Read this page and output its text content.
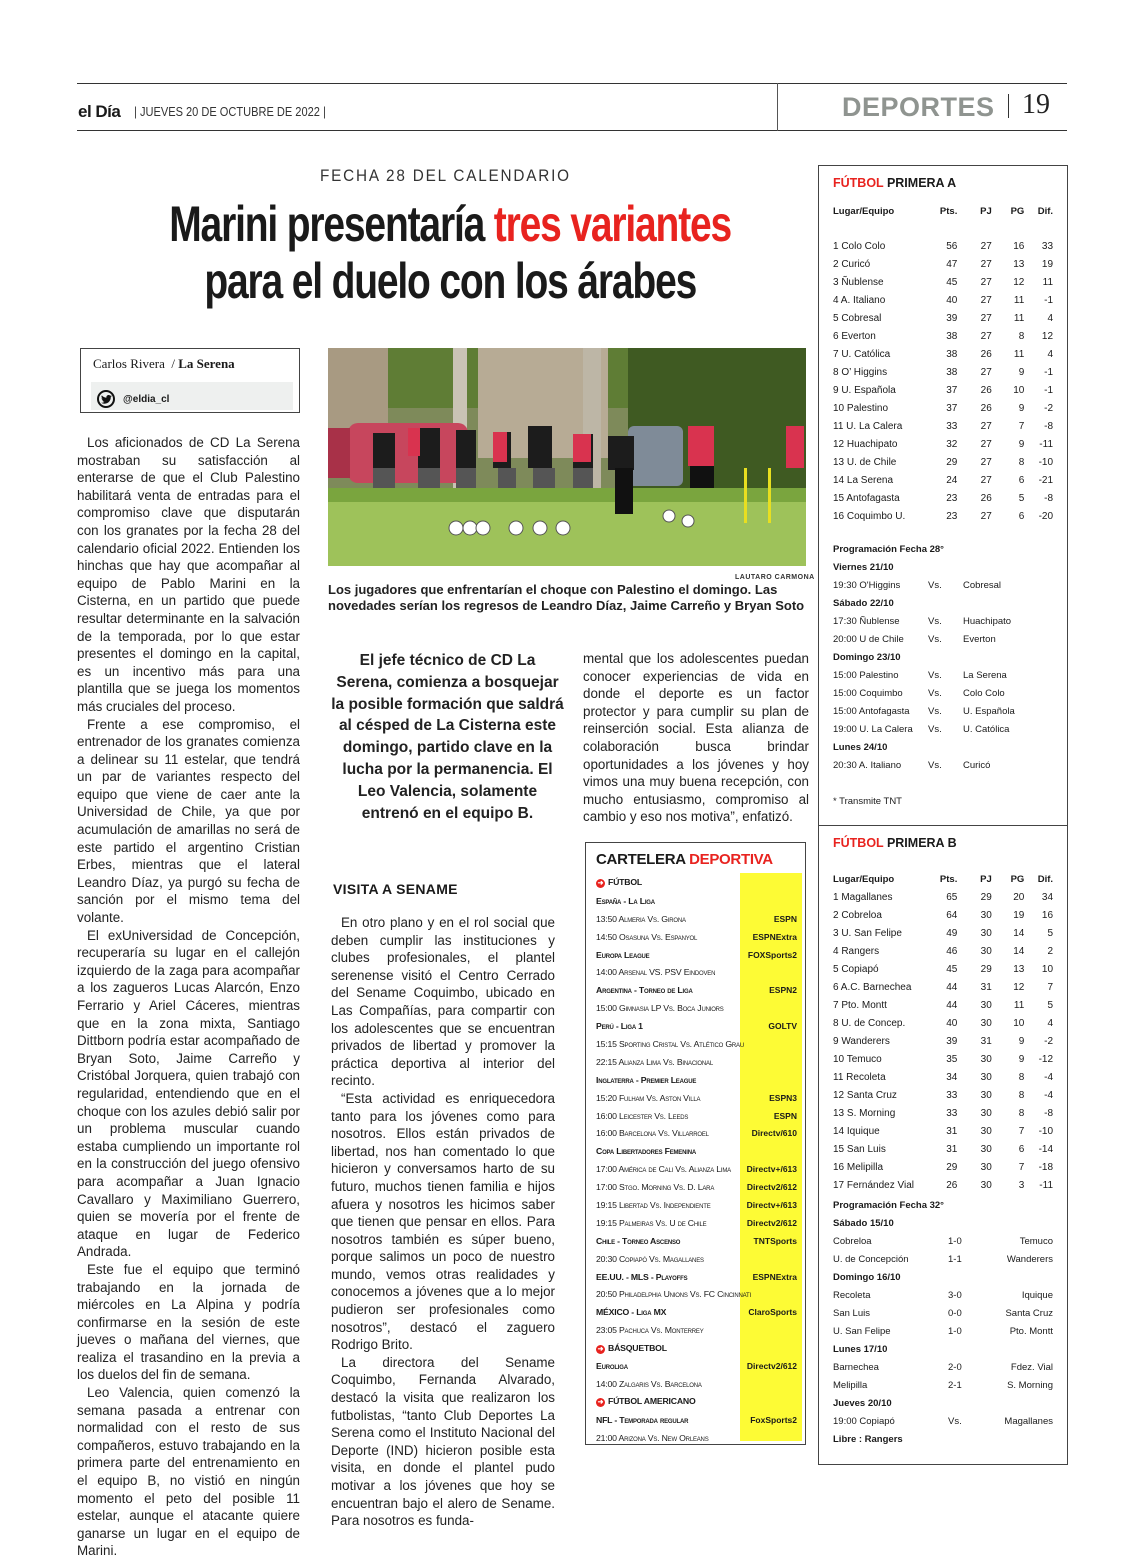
el Día | JUEVES 20 DE OCTUBRE DE 2022 |	DEPORTES 19
FECHA 28 DEL CALENDARIO
Marini presentaría tres variantes
para el duelo con los árabes
Carlos Rivera / La Serena
@eldia_cl

Los aficionados de CD La Serena mostraban su satisfacción al enterarse de que el Club Palestino habilitará venta de entradas para el compromiso clave que disputarán con los granates por la fecha 28 del calendario oficial 2022. Entienden los hinchas que hay que acompañar al equipo de Pablo Marini en la Cisterna, en un partido que puede resultar determinante en la salvación de la temporada, por lo que estar presentes el domingo en la capital, es un incentivo más para una plantilla que se juega los momentos más cruciales del proceso.

Frente a ese compromiso, el entrenador de los granates comienza a delinear su 11 estelar, que tendrá un par de variantes respecto del equipo que viene de caer ante la Universidad de Chile, ya que por acumulación de amarillas no será de este partido el argentino Cristian Erbes, mientras que el lateral Leandro Díaz, ya purgó su fecha de sanción por el mismo tema del volante.

El exUniversidad de Concepción, recuperaría su lugar en el callejón izquierdo de la zaga para acompañar a los zagueros Lucas Alarcón, Enzo Ferrario y Ariel Cáceres, mientras que en la zona mixta, Santiago Dittborn podría estar acompañado de Bryan Soto, Jaime Carreño y Cristóbal Jorquera, quien trabajó con regularidad, entendiendo que en el choque con los azules debió salir por un problema muscular cuando estaba cumpliendo un importante rol en la construcción del juego ofensivo para acompañar a Juan Ignacio Cavallaro y Maximiliano Guerrero, quien se movería por el frente de ataque en lugar de Federico Andrada.

Este fue el equipo que terminó trabajando en la jornada de miércoles en La Alpina y podría confirmarse en la sesión de este jueves o mañana del viernes, que realiza el trasandino en la previa a los duelos del fin de semana.

Leo Valencia, quien comenzó la semana pasada a entrenar con normalidad con el resto de sus compañeros, estuvo trabajando en la primera parte del entrenamiento en el equipo B, no vistió en ningún momento el peto del posible 11 estelar, aunque el atacante quiere ganarse un lugar en el equipo de Marini.

LAUTARO CARMONA
Los jugadores que enfrentarían el choque con Palestino el domingo. Las novedades serían los regresos de Leandro Díaz, Jaime Carreño y Bryan Soto
El jefe técnico de CD La Serena, comienza a bosquejar la posible formación que saldrá al césped de La Cisterna este domingo, partido clave en la lucha por la permanencia. El Leo Valencia, solamente entrenó en el equipo B.
VISITA A SENAME

En otro plano y en el rol social que deben cumplir las instituciones y clubes profesionales, el plantel serenense visitó el Centro Cerrado del Sename Coquimbo, ubicado en Las Compañías, para compartir con los adolescentes que se encuentran privados de libertad y promover la práctica deportiva al interior del recinto.

“Esta actividad es enriquecedora tanto para los jóvenes como para nosotros. Ellos están privados de libertad, nos han comentado lo que hicieron y conversamos harto de su futuro, muchos tienen familia e hijos afuera y nosotros les hicimos saber que tienen que pensar en ellos. Para nosotros también es súper bueno, porque salimos un poco de nuestro mundo, vemos otras realidades y conocemos a jóvenes que a lo mejor pudieron ser profesionales como nosotros”, destacó el zaguero Rodrigo Brito.

La directora del Sename Coquimbo, Fernanda Alvarado, destacó la visita que realizaron los futbolistas, “tanto Club Deportes La Serena como el Instituto Nacional del Deporte (IND) hicieron posible esta visita, en donde el plantel pudo motivar a los jóvenes que hoy se encuentran bajo el alero de Sename. Para nosotros es funda-

mental que los adolescentes puedan conocer experiencias de vida en donde el deporte es un factor protector y para cumplir su plan de reinserción social. Esta alianza de colaboración busca brindar oportunidades a los jóvenes y hoy vimos una muy buena recepción, con mucho entusiasmo, compromiso al cambio y eso nos motiva”, enfatizó.

CARTELERA DEPORTIVA
➜ FÚTBOL
España - La Liga
13:50 Almeria Vs. Girona	ESPN
14:50 Osasuna Vs. Espanyol	ESPNExtra
Europa League	FOXSports2
14:00 Arsenal VS. PSV Eindoven
Argentina - Torneo de Liga	ESPN2
15:00 Gimnasia LP Vs. Boca Juniors
Perú - Liga 1	GOLTV
15:15 Sporting Cristal Vs. Atlético Grau
22:15 Alianza Lima Vs. Binacional
Inglaterra - Premier League
15:20 Fulham Vs. Aston Villa	ESPN3
16:00 Leicester Vs. Leeds	ESPN
16:00 Barcelona Vs. Villarroel	Directv/610
Copa Libertadores Femenina
17:00 América de Cali Vs. Alianza Lima	Directv+/613
17:00 Stgo. Morning Vs. D. Lara	Directv2/612
19:15 Libertad Vs. Independiente	Directv+/613
19:15 Palmeiras Vs. U de Chile	Directv2/612
Chile - Torneo Ascenso	TNTSports
20:30 Copiapó Vs. Magallanes
EE.UU. - MLS - Playoffs	ESPNExtra
20:50 Philadelphia Unions Vs. FC Cincinnati
MÉXICO - Liga MX	ClaroSports
23:05 Pachuca Vs. Monterrey
➜ BÁSQUETBOL
Euroliga	Directv2/612
14:00 Zalgaris Vs. Barcelona
➜ FÚTBOL AMERICANO
NFL - Temporada regular	FoxSports2
21:00 Arizona Vs. New Orleans
FÚTBOL PRIMERA A
Lugar/Equipo	Pts.	PJ	PG	Dif.
1 Colo Colo	56	27	16	33
2 Curicó	47	27	13	19
3 Ñublense	45	27	12	11
4 A. Italiano	40	27	11	-1
5 Cobresal	39	27	11	4
6 Everton	38	27	8	12
7 U. Católica	38	26	11	4
8 O’ Higgins	38	27	9	-1
9 U. Española	37	26	10	-1
10 Palestino	37	26	9	-2
11 U. La Calera	33	27	7	-8
12 Huachipato	32	27	9	-11
13 U. de Chile	29	27	8	-10
14 La Serena	24	27	6	-21
15 Antofagasta	23	26	5	-8
16 Coquimbo U.	23	27	6	-20
Programación Fecha 28°
Viernes 21/10
19:30 O'Higgins	Vs.	Cobresal
Sábado 22/10
17:30 Ñublense	Vs.	Huachipato
20:00 U de Chile	Vs.	Everton
Domingo 23/10
15:00 Palestino	Vs.	La Serena
15:00 Coquimbo	Vs.	Colo Colo
15:00 Antofagasta	Vs.	U. Española
19:00 U. La Calera	Vs.	U. Católica
Lunes 24/10
20:30 A. Italiano	Vs.	Curicó
* Transmite TNT
FÚTBOL PRIMERA B
Lugar/Equipo	Pts.	PJ	PG	Dif.
1 Magallanes	65	29	20	34
2 Cobreloa	64	30	19	16
3 U. San Felipe	49	30	14	5
4 Rangers	46	30	14	2
5 Copiapó	45	29	13	10
6 A.C. Barnechea	44	31	12	7
7 Pto. Montt	44	30	11	5
8 U. de Concep.	40	30	10	4
9 Wanderers	39	31	9	-2
10 Temuco	35	30	9	-12
11 Recoleta	34	30	8	-4
12 Santa Cruz	33	30	8	-4
13 S. Morning	33	30	8	-8
14 Iquique	31	30	7	-10
15 San Luis	31	30	6	-14
16 Melipilla	29	30	7	-18
17 Fernández Vial	26	30	3	-11
Programación Fecha 32°
Sábado 15/10
Cobreloa	1-0	Temuco
U. de Concepción	1-1	Wanderers
Domingo 16/10
Recoleta	3-0	Iquique
San Luis	0-0	Santa Cruz
U. San Felipe	1-0	Pto. Montt
Lunes 17/10
Barnechea	2-0	Fdez. Vial
Melipilla	2-1	S. Morning
Jueves 20/10
19:00 Copiapó	Vs.	Magallanes
Libre : Rangers
